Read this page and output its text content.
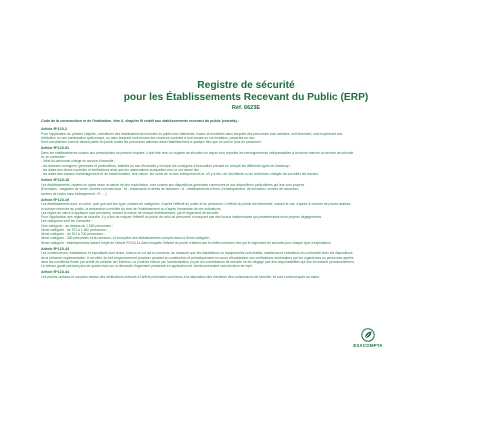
Registre de sécurité
pour les Établissements Recevant du Public (ERP)
Réf. 6623E
Code de la construction et de l'habitation, titre II, chapitre III relatif aux établissements recevant du public (extraits) :
Article R*123-2
Pour l'application du présent chapitre, constituent des établissements recevant du public tous bâtiments, locaux et enceintes dans lesquels des personnes sont admises, soit librement, soit moyennant une
rétribution ou une participation quelconque, ou dans lesquels sont tenues des réunions ouvertes à tout venant ou sur invitation, payantes ou non.
Sont considérées comme faisant partie du public toutes les personnes admises dans l'établissement à quelque titre que ce soit en plus du personnel.
Article R*123-51
Dans les établissements soumis aux prescriptions du présent chapitre, il doit être tenu un registre de sécurité sur lequel sont reportés les renseignements indispensables à la bonne marche du service de sécurité
et, en particulier :
- l'état du personnel chargé du service d'incendie ;
- les diverses consignes, générales et particulières, établies en cas d'incendie y compris les consignes d'évacuation prenant en compte les différents types de handicap ;
- les dates des divers contrôles et vérifications ainsi que les observations auxquelles ceux-ci ont donné lieu ;
- les dates des travaux d'aménagement et de transformation, leur nature, les noms de ou des entrepreneurs et, s'il y a lieu, de l'architecte ou du technicien chargés de surveiller les travaux.
Article R*123-18
Les établissements, répartis en types selon la nature de leur exploitation, sont soumis aux dispositions générales communes et aux dispositions particulières qui leur sont propres.
(Exemples : magasins de vente, centres commerciaux : M - restaurants et débits de boissons : N - établissements d'éveil, d'enseignement, de formation, centres de vacances,
centres de loisirs sans hébergement : R ; ...)
Article R*123-19
Les établissements sont, en outre, quel que soit leur type, classés en catégories, d'après l'effectif du public et du personnel. L'effectif du public est déterminé, suivant le cas, d'après le nombre de places assises,
la surface réservée au public, la déclaration contrôlée du chef de l'établissement ou d'après l'ensemble de ces indications.
Les règles de calcul à appliquer sont précisées, suivant la nature de chaque établissement, par le règlement de sécurité.
Pour l'application des règles de sécurité, il y a lieu de majorer l'effectif du public de celui du personnel n'occupant pas des locaux indépendants qui posséderaient leurs propres dégagements.
Les catégories sont les suivantes :
1ère catégorie : au-dessus de 1 500 personnes ;
2ème catégorie : de 701 à 1 500 personnes ;
3ème catégorie : de 301 à 700 personnes ;
4ème catégorie : 300 personnes et au-dessous, à l'exception des établissements compris dans la 5ème catégorie ;
5ème catégorie : établissements faisant l'objet de l'article R*123-14 dans lesquels l'effectif du public n'atteint pas le chiffre minimum fixé par le règlement de sécurité pour chaque type d'exploitation.
Article R*123-43
Les constructeurs, installateurs et exploitants sont tenus, chacun en ce qui le concerne, de s'assurer que les installations ou équipements sont établis, maintenus et entretenus en conformité avec les dispositions
de la présente réglementation. A cet effet, ils font respectivement procéder pendant la construction et périodiquement en cours d'exploitation aux vérifications nécessaires par les organismes ou personnes agréés
dans les conditions fixées par arrêté du ministre de l'intérieur. Le contrôle exercé par l'administration ou par les commissions de sécurité ne les dégage pas des responsabilités qui leur incombent personnellement.
Le silence gardé pendant plus de quatre mois sur la demande d'agrément présentée en application de l'alinéa précédent vaut décision de rejet.
Article R*123-44
Les procès-verbaux et comptes rendus des vérifications prévues à l'article précédent sont tenus à la disposition des membres des commissions de sécurité. Ils sont communiqués au maire.
EXACOMPTA
